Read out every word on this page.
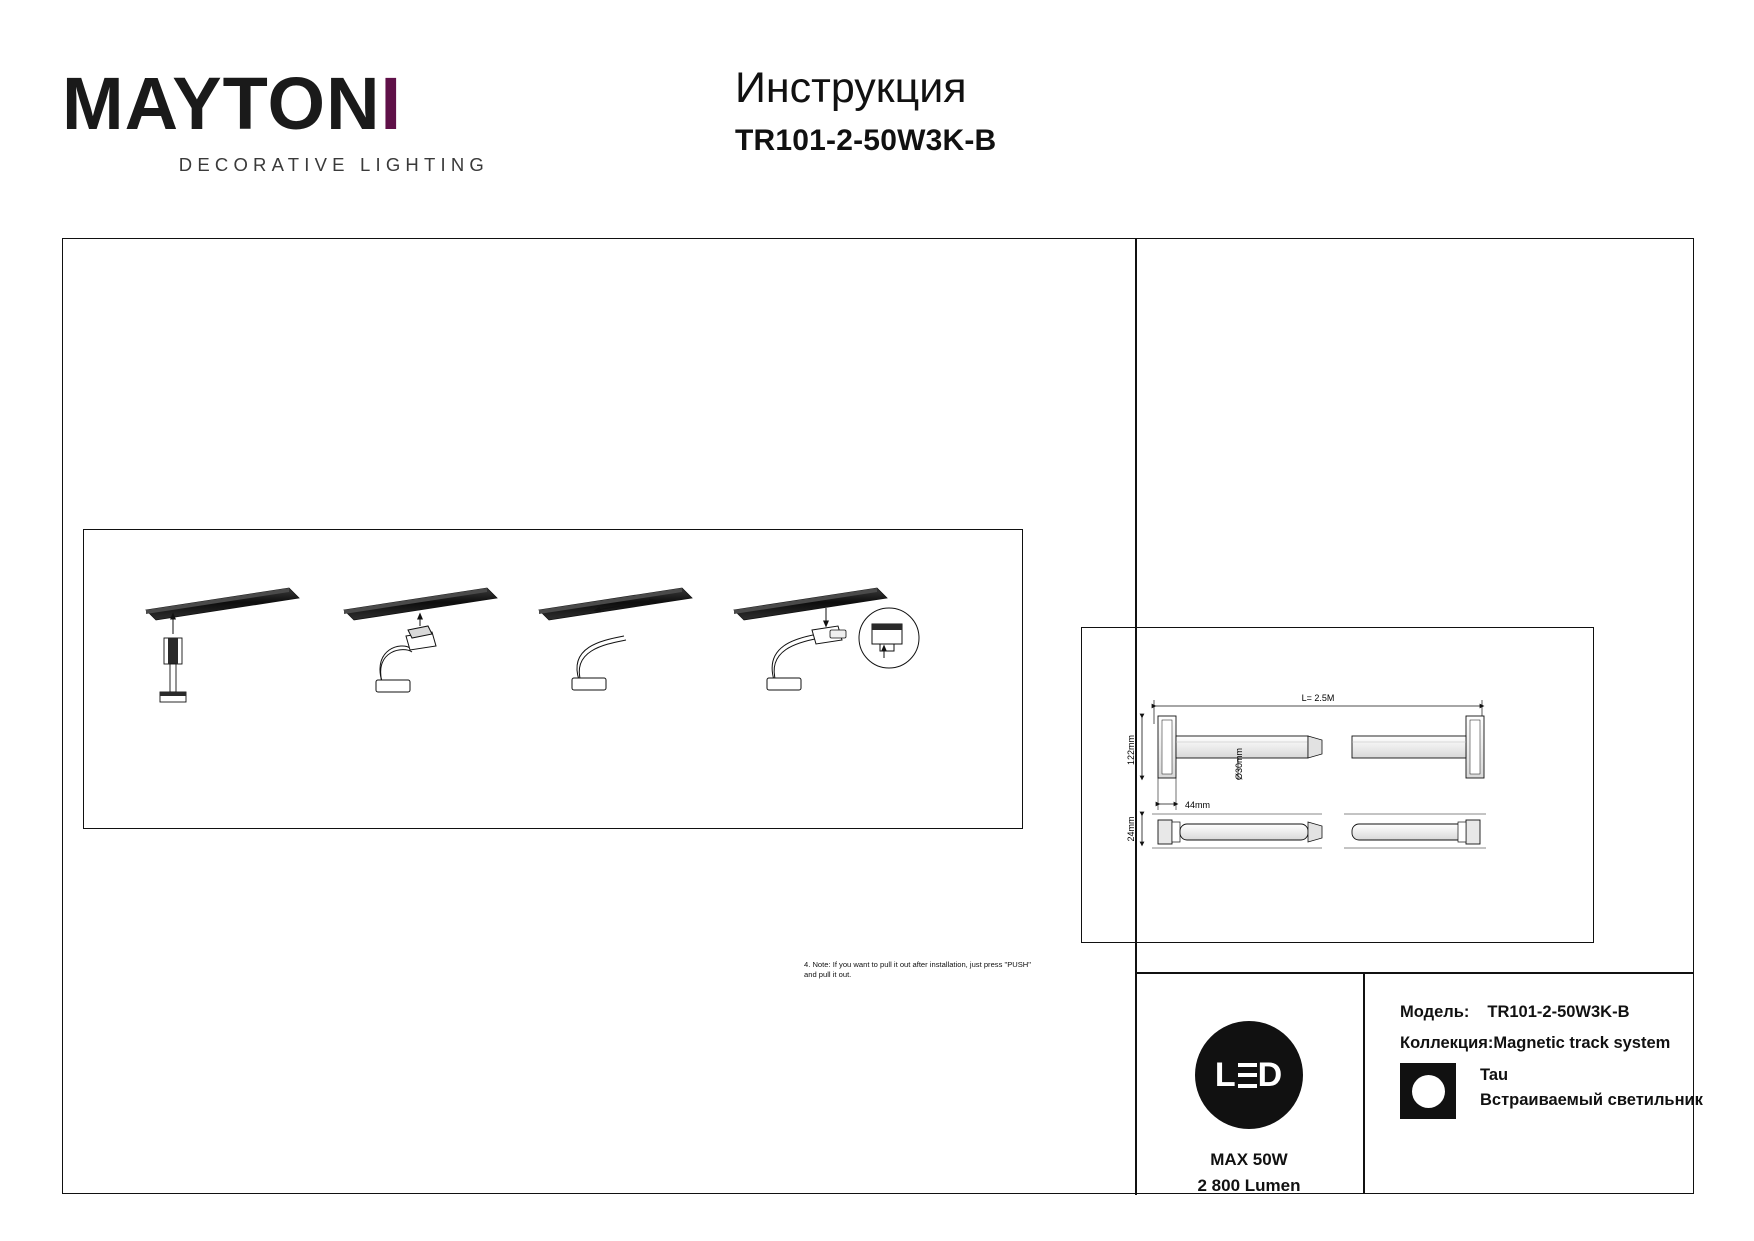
MAYTONI
DECORATIVE LIGHTING
Инструкция
TR101-2-50W3K-B
4. Note: If you want to pull it out after installation, just press "PUSH" and pull it out.
L= 2.5M
122mm
44mm
Ø30mm
24mm
L D
MAX 50W
2 800 Lumen
Модель: TR101-2-50W3K-B
Коллекция:Magnetic track system
Tau
Встраиваемый светильник
